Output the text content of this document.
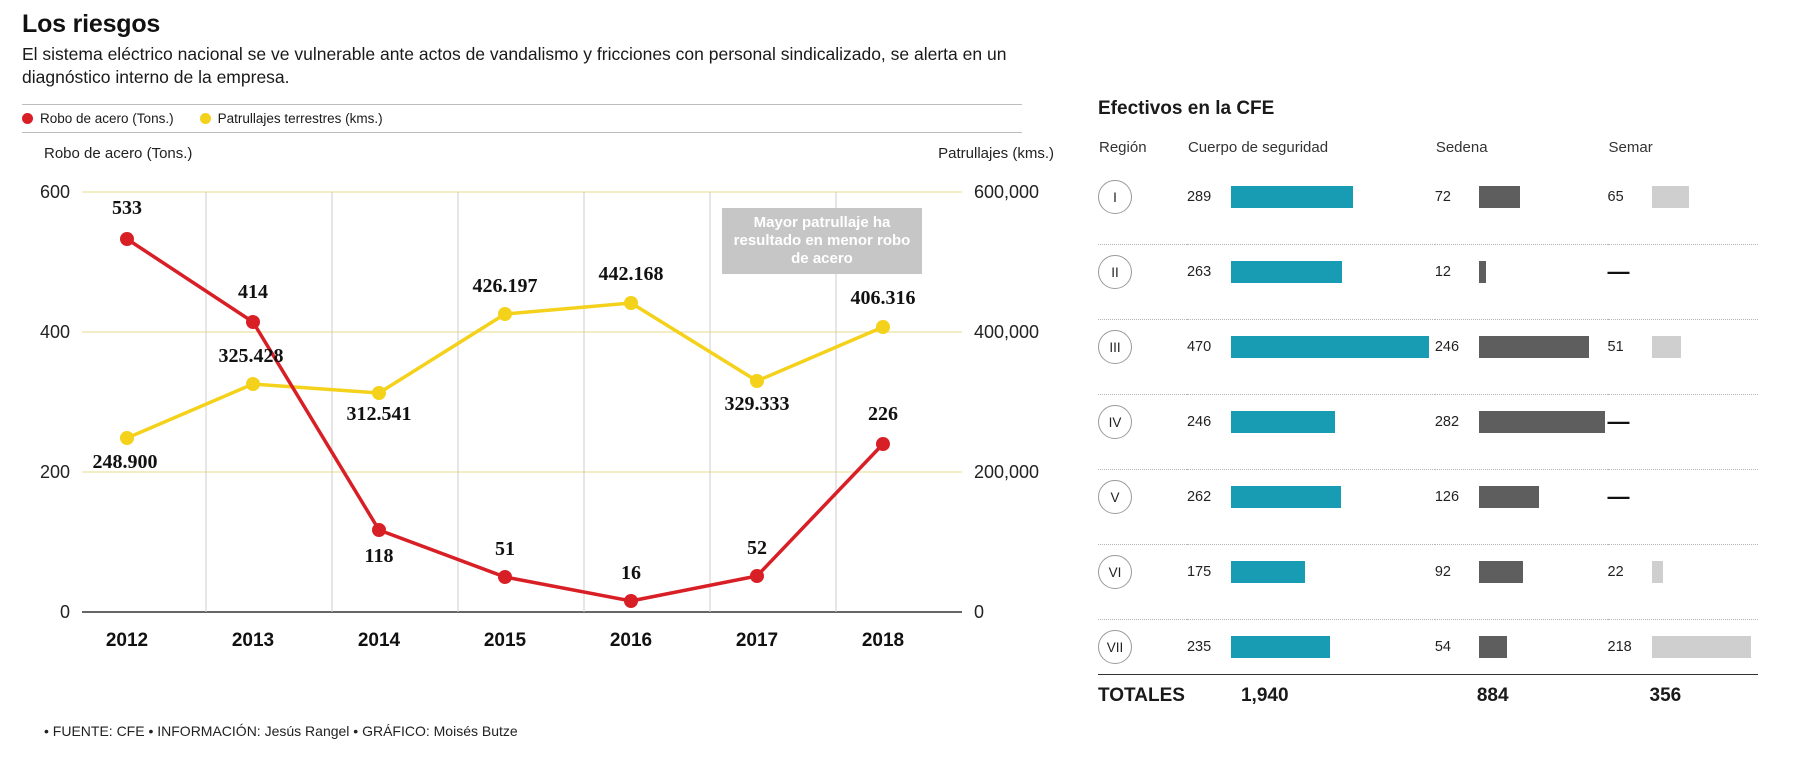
Los riesgos
El sistema eléctrico nacional se ve vulnerable ante actos de vandalismo y fricciones con personal sindicalizado, se alerta en un diagnóstico interno de la empresa.
Robo de acero (Tons.)	Patrullajes terrestres (kms.)
Robo de acero (Tons.)	Patrullajes (kms.)
600
400
200
0
600,000
400,000
200,000
0
2012	2013	2014	2015	2016	2017	2018
533
414
118	51
16
52
226
248.900
325.428
312.541
426.197
442.168
329.333
406.316
Mayor patrullaje ha resultado en menor robo de acero
• FUENTE: CFE • INFORMACIÓN: Jesús Rangel • GRÁFICO: Moisés Butze
Efectivos en la CFE
Región	Cuerpo de seguridad	Sedena	Semar

I	289	72	65

II	263	12	—

III	470	246	51

IV	246	282	—

V	262	126	—

VI	175	92	22

VII	235	54	218

TOTALES	1,940	884	356
